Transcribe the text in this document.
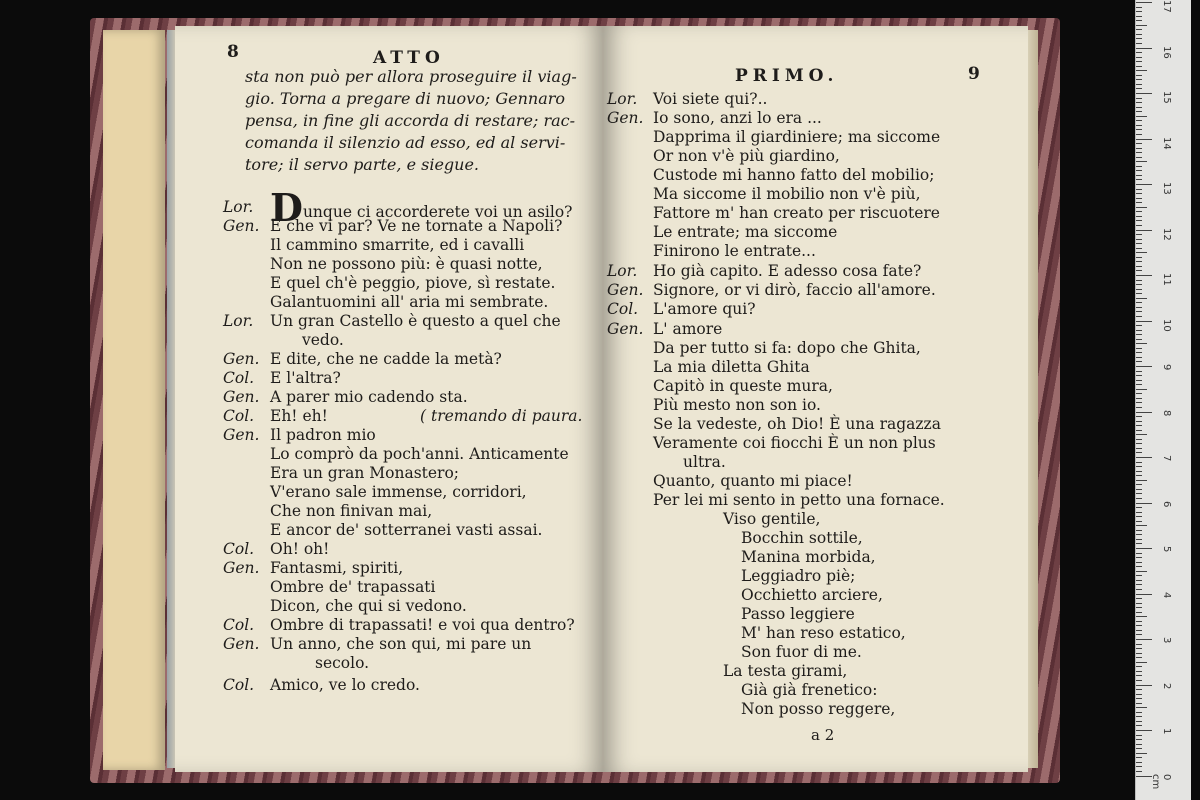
8	ATTO
sta non può per allora proseguire il viag-
gio. Torna a pregare di nuovo; Gennaro
pensa, in fine gli accorda di restare; rac-
comanda il silenzio ad esso, ed al servi-
tore; il servo parte, e siegue.
Lor. Dunque ci accorderete voi un asilo?
Gen. E che vi par? Ve ne tornate a Napoli?
Il cammino smarrite, ed i cavalli
Non ne possono più: è quasi notte,
E quel ch'è peggio, piove, sì restate.
Galantuomini all' aria mi sembrate.
Lor. Un gran Castello è questo a quel che
vedo.
Gen. E dite, che ne cadde la metà?
Col. E l'altra?
Gen. A parer mio cadendo sta.
Col. Eh! eh!	( tremando di paura.
Gen. Il padron mio
Lo comprò da poch'anni. Anticamente
Era un gran Monastero;
V'erano sale immense, corridori,
Che non finivan mai,
E ancor de' sotterranei vasti assai.
Col. Oh! oh!
Gen. Fantasmi, spiriti,
Ombre de' trapassati
Dicon, che qui si vedono.
Col. Ombre di trapassati! e voi qua dentro?
Gen. Un anno, che son qui, mi pare un
secolo.
Col. Amico, ve lo credo.
PRIMO.	9
Lor. Voi siete qui?..
Gen. Io sono, anzi lo era ...
Dapprima il giardiniere; ma siccome
Or non v'è più giardino,
Custode mi hanno fatto del mobilio;
Ma siccome il mobilio non v'è più,
Fattore m' han creato per riscuotere
Le entrate; ma siccome
Finirono le entrate...
Lor. Ho già capito. E adesso cosa fate?
Gen. Signore, or vi dirò, faccio all'amore.
Col. L'amore qui?
Gen. L' amore
Da per tutto si fa: dopo che Ghita,
La mia diletta Ghita
Capitò in queste mura,
Più mesto non son io.
Se la vedeste, oh Dio! È una ragazza
Veramente coi fiocchi È un non plus
ultra.
Quanto, quanto mi piace!
Per lei mi sento in petto una fornace.
Viso gentile,
Bocchin sottile,
Manina morbida,
Leggiadro piè;
Occhietto arciere,
Passo leggiere
M' han reso estatico,
Son fuor di me.
La testa girami,
Già già frenetico:
Non posso reggere,
a 2
17
16
15
14
13
12
11
10
9
8
7
6
5
4
3
2
1
0 cm
